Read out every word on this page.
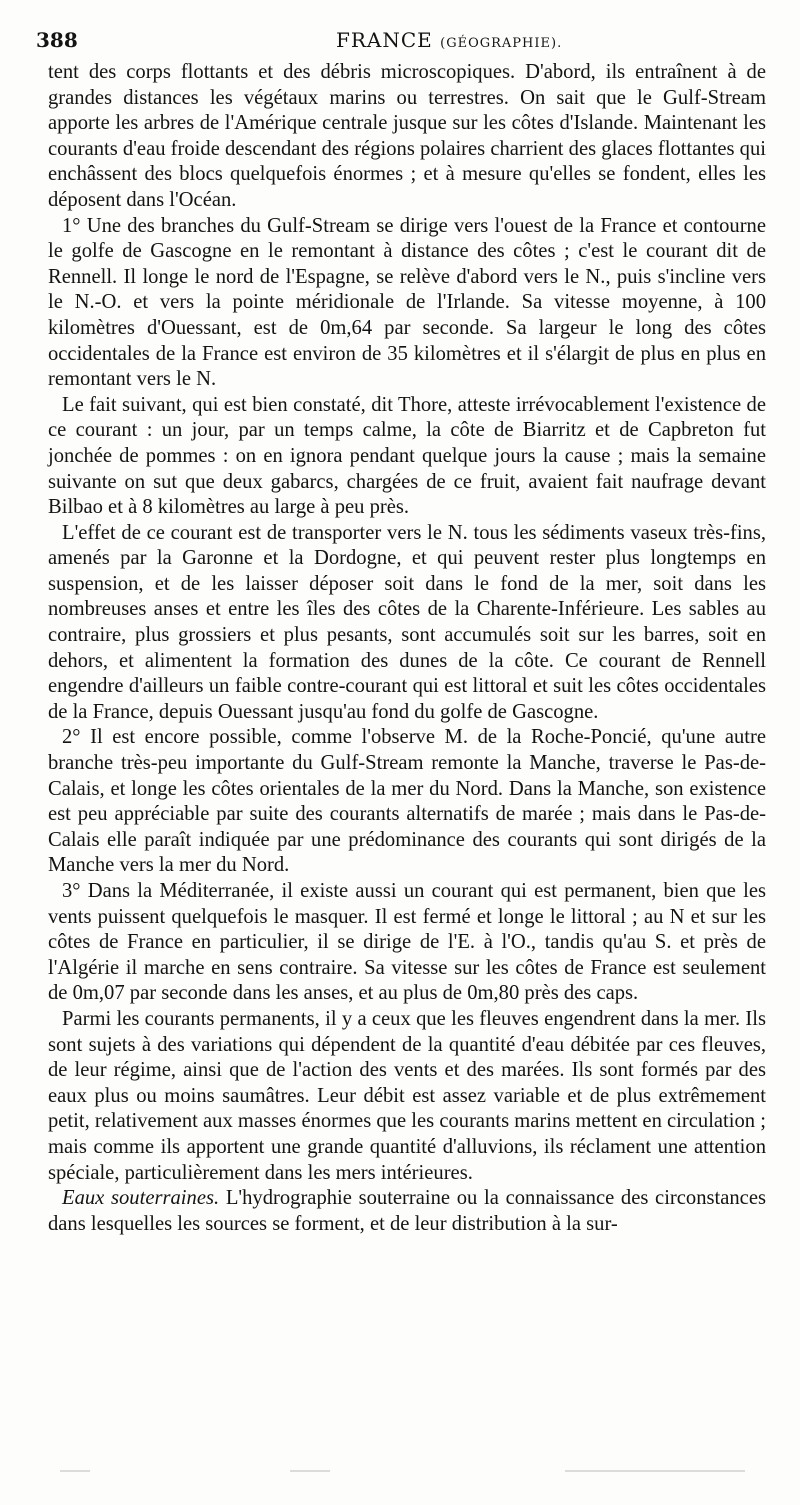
388	FRANCE (GÉOGRAPHIE).

tent des corps flottants et des débris microscopiques. D'abord, ils entraînent à de grandes distances les végétaux marins ou terrestres. On sait que le Gulf-Stream apporte les arbres de l'Amérique centrale jusque sur les côtes d'Islande. Maintenant les courants d'eau froide descendant des régions polaires charrient des glaces flottantes qui enchâssent des blocs quelquefois énormes ; et à mesure qu'elles se fondent, elles les déposent dans l'Océan.

1° Une des branches du Gulf-Stream se dirige vers l'ouest de la France et contourne le golfe de Gascogne en le remontant à distance des côtes ; c'est le courant dit de Rennell. Il longe le nord de l'Espagne, se relève d'abord vers le N., puis s'incline vers le N.-O. et vers la pointe méridionale de l'Irlande. Sa vitesse moyenne, à 100 kilomètres d'Ouessant, est de 0m,64 par seconde. Sa largeur le long des côtes occidentales de la France est environ de 35 kilomètres et il s'élargit de plus en plus en remontant vers le N.

Le fait suivant, qui est bien constaté, dit Thore, atteste irrévocablement l'existence de ce courant : un jour, par un temps calme, la côte de Biarritz et de Capbreton fut jonchée de pommes : on en ignora pendant quelque jours la cause ; mais la semaine suivante on sut que deux gabarcs, chargées de ce fruit, avaient fait naufrage devant Bilbao et à 8 kilomètres au large à peu près.

L'effet de ce courant est de transporter vers le N. tous les sédiments vaseux très-fins, amenés par la Garonne et la Dordogne, et qui peuvent rester plus longtemps en suspension, et de les laisser déposer soit dans le fond de la mer, soit dans les nombreuses anses et entre les îles des côtes de la Charente-Inférieure. Les sables au contraire, plus grossiers et plus pesants, sont accumulés soit sur les barres, soit en dehors, et alimentent la formation des dunes de la côte. Ce courant de Rennell engendre d'ailleurs un faible contre-courant qui est littoral et suit les côtes occidentales de la France, depuis Ouessant jusqu'au fond du golfe de Gascogne.

2° Il est encore possible, comme l'observe M. de la Roche-Poncié, qu'une autre branche très-peu importante du Gulf-Stream remonte la Manche, traverse le Pas-de-Calais, et longe les côtes orientales de la mer du Nord. Dans la Manche, son existence est peu appréciable par suite des courants alternatifs de marée ; mais dans le Pas-de-Calais elle paraît indiquée par une prédominance des courants qui sont dirigés de la Manche vers la mer du Nord.

3° Dans la Méditerranée, il existe aussi un courant qui est permanent, bien que les vents puissent quelquefois le masquer. Il est fermé et longe le littoral ; au N et sur les côtes de France en particulier, il se dirige de l'E. à l'O., tandis qu'au S. et près de l'Algérie il marche en sens contraire. Sa vitesse sur les côtes de France est seulement de 0m,07 par seconde dans les anses, et au plus de 0m,80 près des caps.

Parmi les courants permanents, il y a ceux que les fleuves engendrent dans la mer. Ils sont sujets à des variations qui dépendent de la quantité d'eau débitée par ces fleuves, de leur régime, ainsi que de l'action des vents et des marées. Ils sont formés par des eaux plus ou moins saumâtres. Leur débit est assez variable et de plus extrêmement petit, relativement aux masses énormes que les courants marins mettent en circulation ; mais comme ils apportent une grande quantité d'alluvions, ils réclament une attention spéciale, particulièrement dans les mers intérieures.

Eaux souterraines. L'hydrographie souterraine ou la connaissance des circonstances dans lesquelles les sources se forment, et de leur distribution à la sur-
